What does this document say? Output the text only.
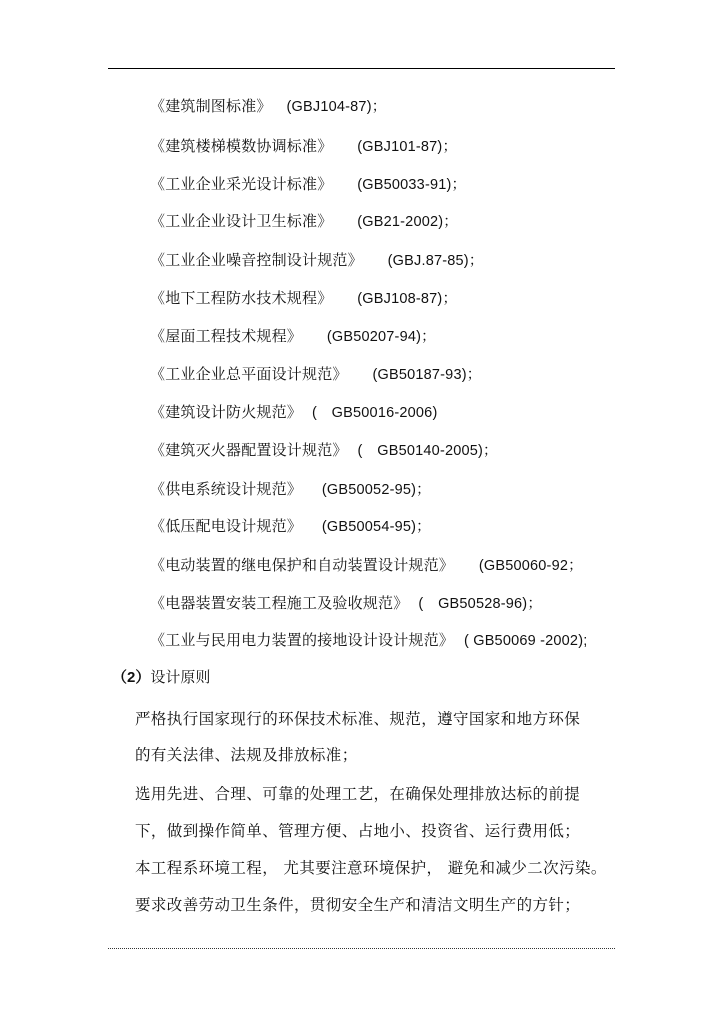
《建筑制图标准》 (GBJ104-87)；
《建筑楼梯模数协调标准》 (GBJ101-87)；
《工业企业采光设计标准》 (GB50033-91)；
《工业企业设计卫生标准》 (GB21-2002)；
《工业企业噪音控制设计规范》 (GBJ.87-85)；
《地下工程防水技术规程》 (GBJ108-87)；
《屋面工程技术规程》 (GB50207-94)；
《工业企业总平面设计规范》 (GB50187-93)；
《建筑设计防火规范》 (　GB50016-2006)
《建筑灭火器配置设计规范》 (　GB50140-2005)；
《供电系统设计规范》 (GB50052-95)；
《低压配电设计规范》 (GB50054-95)；
《电动装置的继电保护和自动装置设计规范》 (GB50060-92；
《电器装置安装工程施工及验收规范》 (　GB50528-96)；
《工业与民用电力装置的接地设计设计规范》 ( GB50069 -2002);
（2）设计原则
严格执行国家现行的环保技术标准、规范，遵守国家和地方环保
的有关法律、法规及排放标准；
选用先进、合理、可靠的处理工艺，在确保处理排放达标的前提
下，做到操作简单、管理方便、占地小、投资省、运行费用低；
本工程系环境工程， 尤其要注意环境保护， 避免和减少二次污染。
要求改善劳动卫生条件，贯彻安全生产和清洁文明生产的方针；
